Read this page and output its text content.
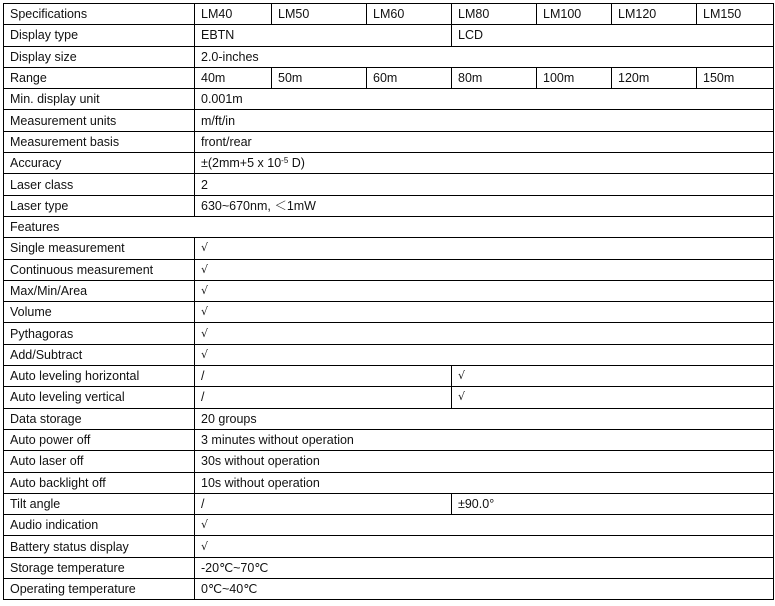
Specifications	LM40	LM50	LM60	LM80	LM100	LM120	LM150
Display type	EBTN			LCD			
Display size	2.0-inches						
Range	40m	50m	60m	80m	100m	120m	150m
Min. display unit	0.001m						
Measurement units	m/ft/in						
Measurement basis	front/rear						
Accuracy	±(2mm+5 x $10^{-5}$ D)						
Laser class	2						
Laser type	630~670nm, ＜1mW						
Features							
Single measurement	√						
Continuous measurement	√						
Max/Min/Area	√						
Volume	√						
Pythagoras	√						
Add/Subtract	√						
Auto leveling horizontal	/			√			
Auto leveling vertical	/			√			
Data storage	20 groups						
Auto power off	3 minutes without operation						
Auto laser off	30s without operation						
Auto backlight off	10s without operation						
Tilt angle	/			±90.0°			
Audio indication	√						
Battery status display	√						
Storage temperature	-20℃~70℃						
Operating temperature	0℃~40℃						
